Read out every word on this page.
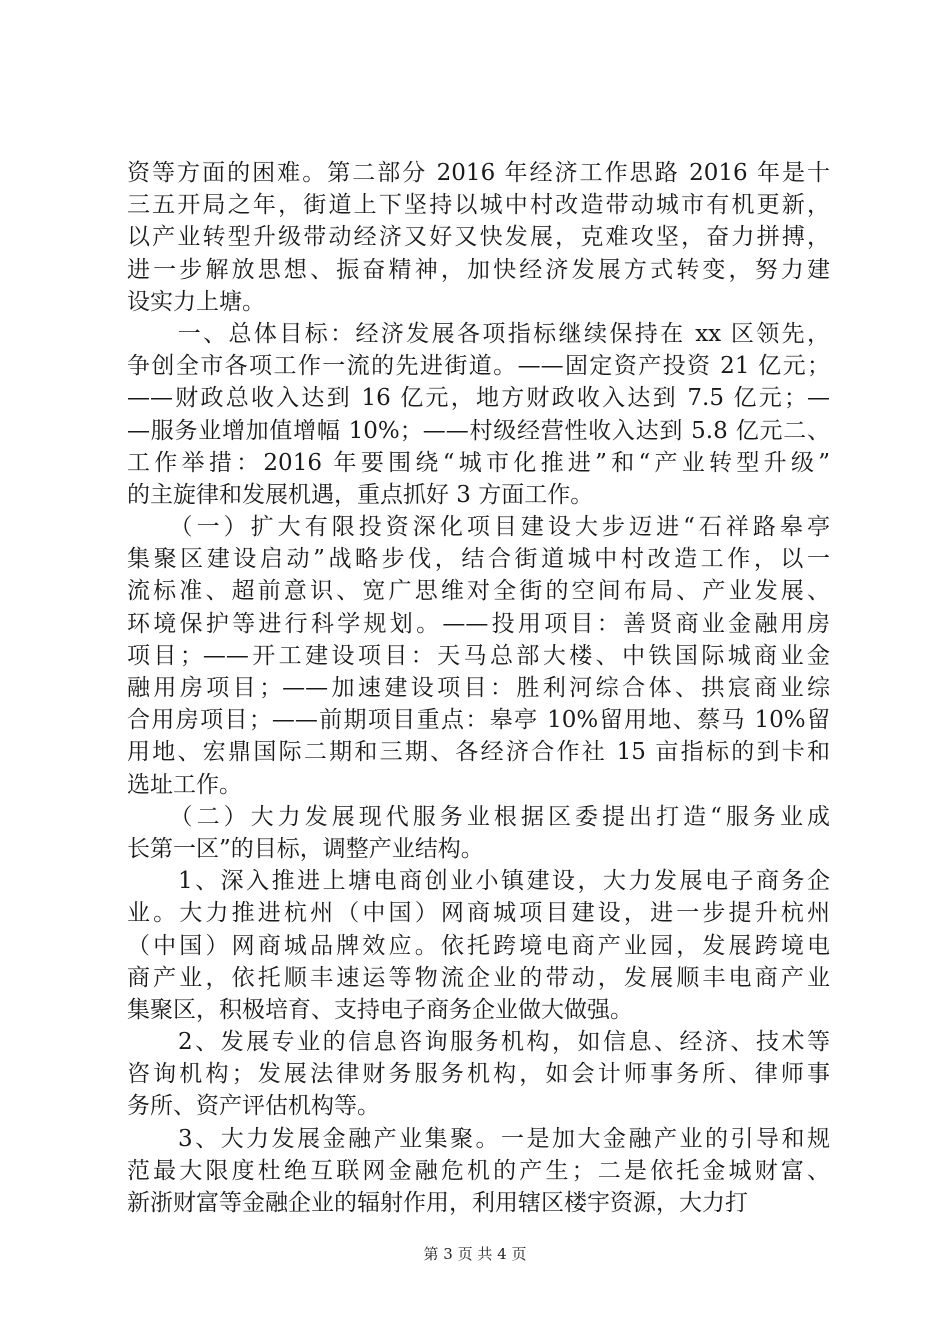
资等方面的困难。第二部分 2016 年经济工作思路 2016 年是十
三五开局之年，街道上下坚持以城中村改造带动城市有机更新，
以产业转型升级带动经济又好又快发展，克难攻坚，奋力拼搏，
进一步解放思想、振奋精神，加快经济发展方式转变，努力建
设实力上塘。
　　一、总体目标：经济发展各项指标继续保持在 xx 区领先，
争创全市各项工作一流的先进街道。——固定资产投资 21 亿元；
——财政总收入达到 16 亿元，地方财政收入达到 7.5 亿元；—
—服务业增加值增幅 10%；——村级经营性收入达到 5.8 亿元二、
工作举措：2016 年要围绕“城市化推进”和“产业转型升级”
的主旋律和发展机遇，重点抓好 3 方面工作。
　　（一）扩大有限投资深化项目建设大步迈进“石祥路皋亭
集聚区建设启动”战略步伐，结合街道城中村改造工作，以一
流标准、超前意识、宽广思维对全街的空间布局、产业发展、
环境保护等进行科学规划。——投用项目：善贤商业金融用房
项目；——开工建设项目：天马总部大楼、中铁国际城商业金
融用房项目；——加速建设项目：胜利河综合体、拱宸商业综
合用房项目；——前期项目重点：皋亭 10%留用地、蔡马 10%留
用地、宏鼎国际二期和三期、各经济合作社 15 亩指标的到卡和
选址工作。
　　（二）大力发展现代服务业根据区委提出打造“服务业成
长第一区”的目标，调整产业结构。
　　1、深入推进上塘电商创业小镇建设，大力发展电子商务企
业。大力推进杭州（中国）网商城项目建设，进一步提升杭州
（中国）网商城品牌效应。依托跨境电商产业园，发展跨境电
商产业，依托顺丰速运等物流企业的带动，发展顺丰电商产业
集聚区，积极培育、支持电子商务企业做大做强。
　　2、发展专业的信息咨询服务机构，如信息、经济、技术等
咨询机构；发展法律财务服务机构，如会计师事务所、律师事
务所、资产评估机构等。
　　3、大力发展金融产业集聚。一是加大金融产业的引导和规
范最大限度杜绝互联网金融危机的产生；二是依托金城财富、
新浙财富等金融企业的辐射作用，利用辖区楼宇资源，大力打
第 3 页 共 4 页
